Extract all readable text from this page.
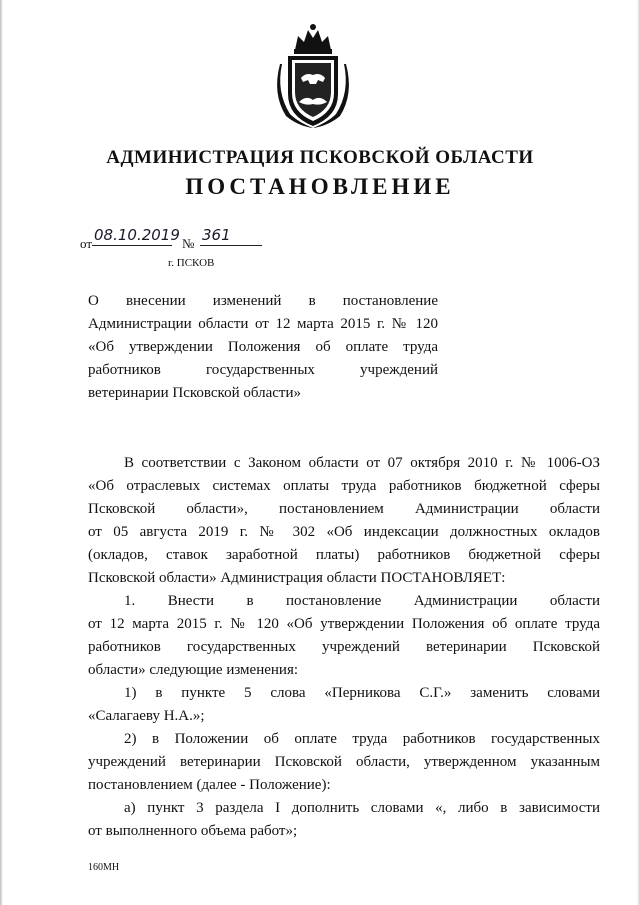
АДМИНИСТРАЦИЯ ПСКОВСКОЙ ОБЛАСТИ
ПОСТАНОВЛЕНИЕ
от 08.10.2019 № 361
г. ПСКОВ
О внесении изменений в постановление
Администрации области от 12 марта 2015 г. № 120
«Об утверждении Положения об оплате труда
работников государственных учреждений
ветеринарии Псковской области»
В соответствии с Законом области от 07 октября 2010 г. № 1006-ОЗ
«Об отраслевых системах оплаты труда работников бюджетной сферы
Псковской области», постановлением Администрации области
от 05 августа 2019 г. № 302 «Об индексации должностных окладов
(окладов, ставок заработной платы) работников бюджетной сферы
Псковской области» Администрация области ПОСТАНОВЛЯЕТ:
1. Внести в постановление Администрации области
от 12 марта 2015 г. № 120 «Об утверждении Положения об оплате труда
работников государственных учреждений ветеринарии Псковской
области» следующие изменения:
1) в пункте 5 слова «Перникова С.Г.» заменить словами
«Салагаеву Н.А.»;
2) в Положении об оплате труда работников государственных
учреждений ветеринарии Псковской области, утвержденном указанным
постановлением (далее - Положение):
а) пункт 3 раздела I дополнить словами «, либо в зависимости
от выполненного объема работ»;
160МН
